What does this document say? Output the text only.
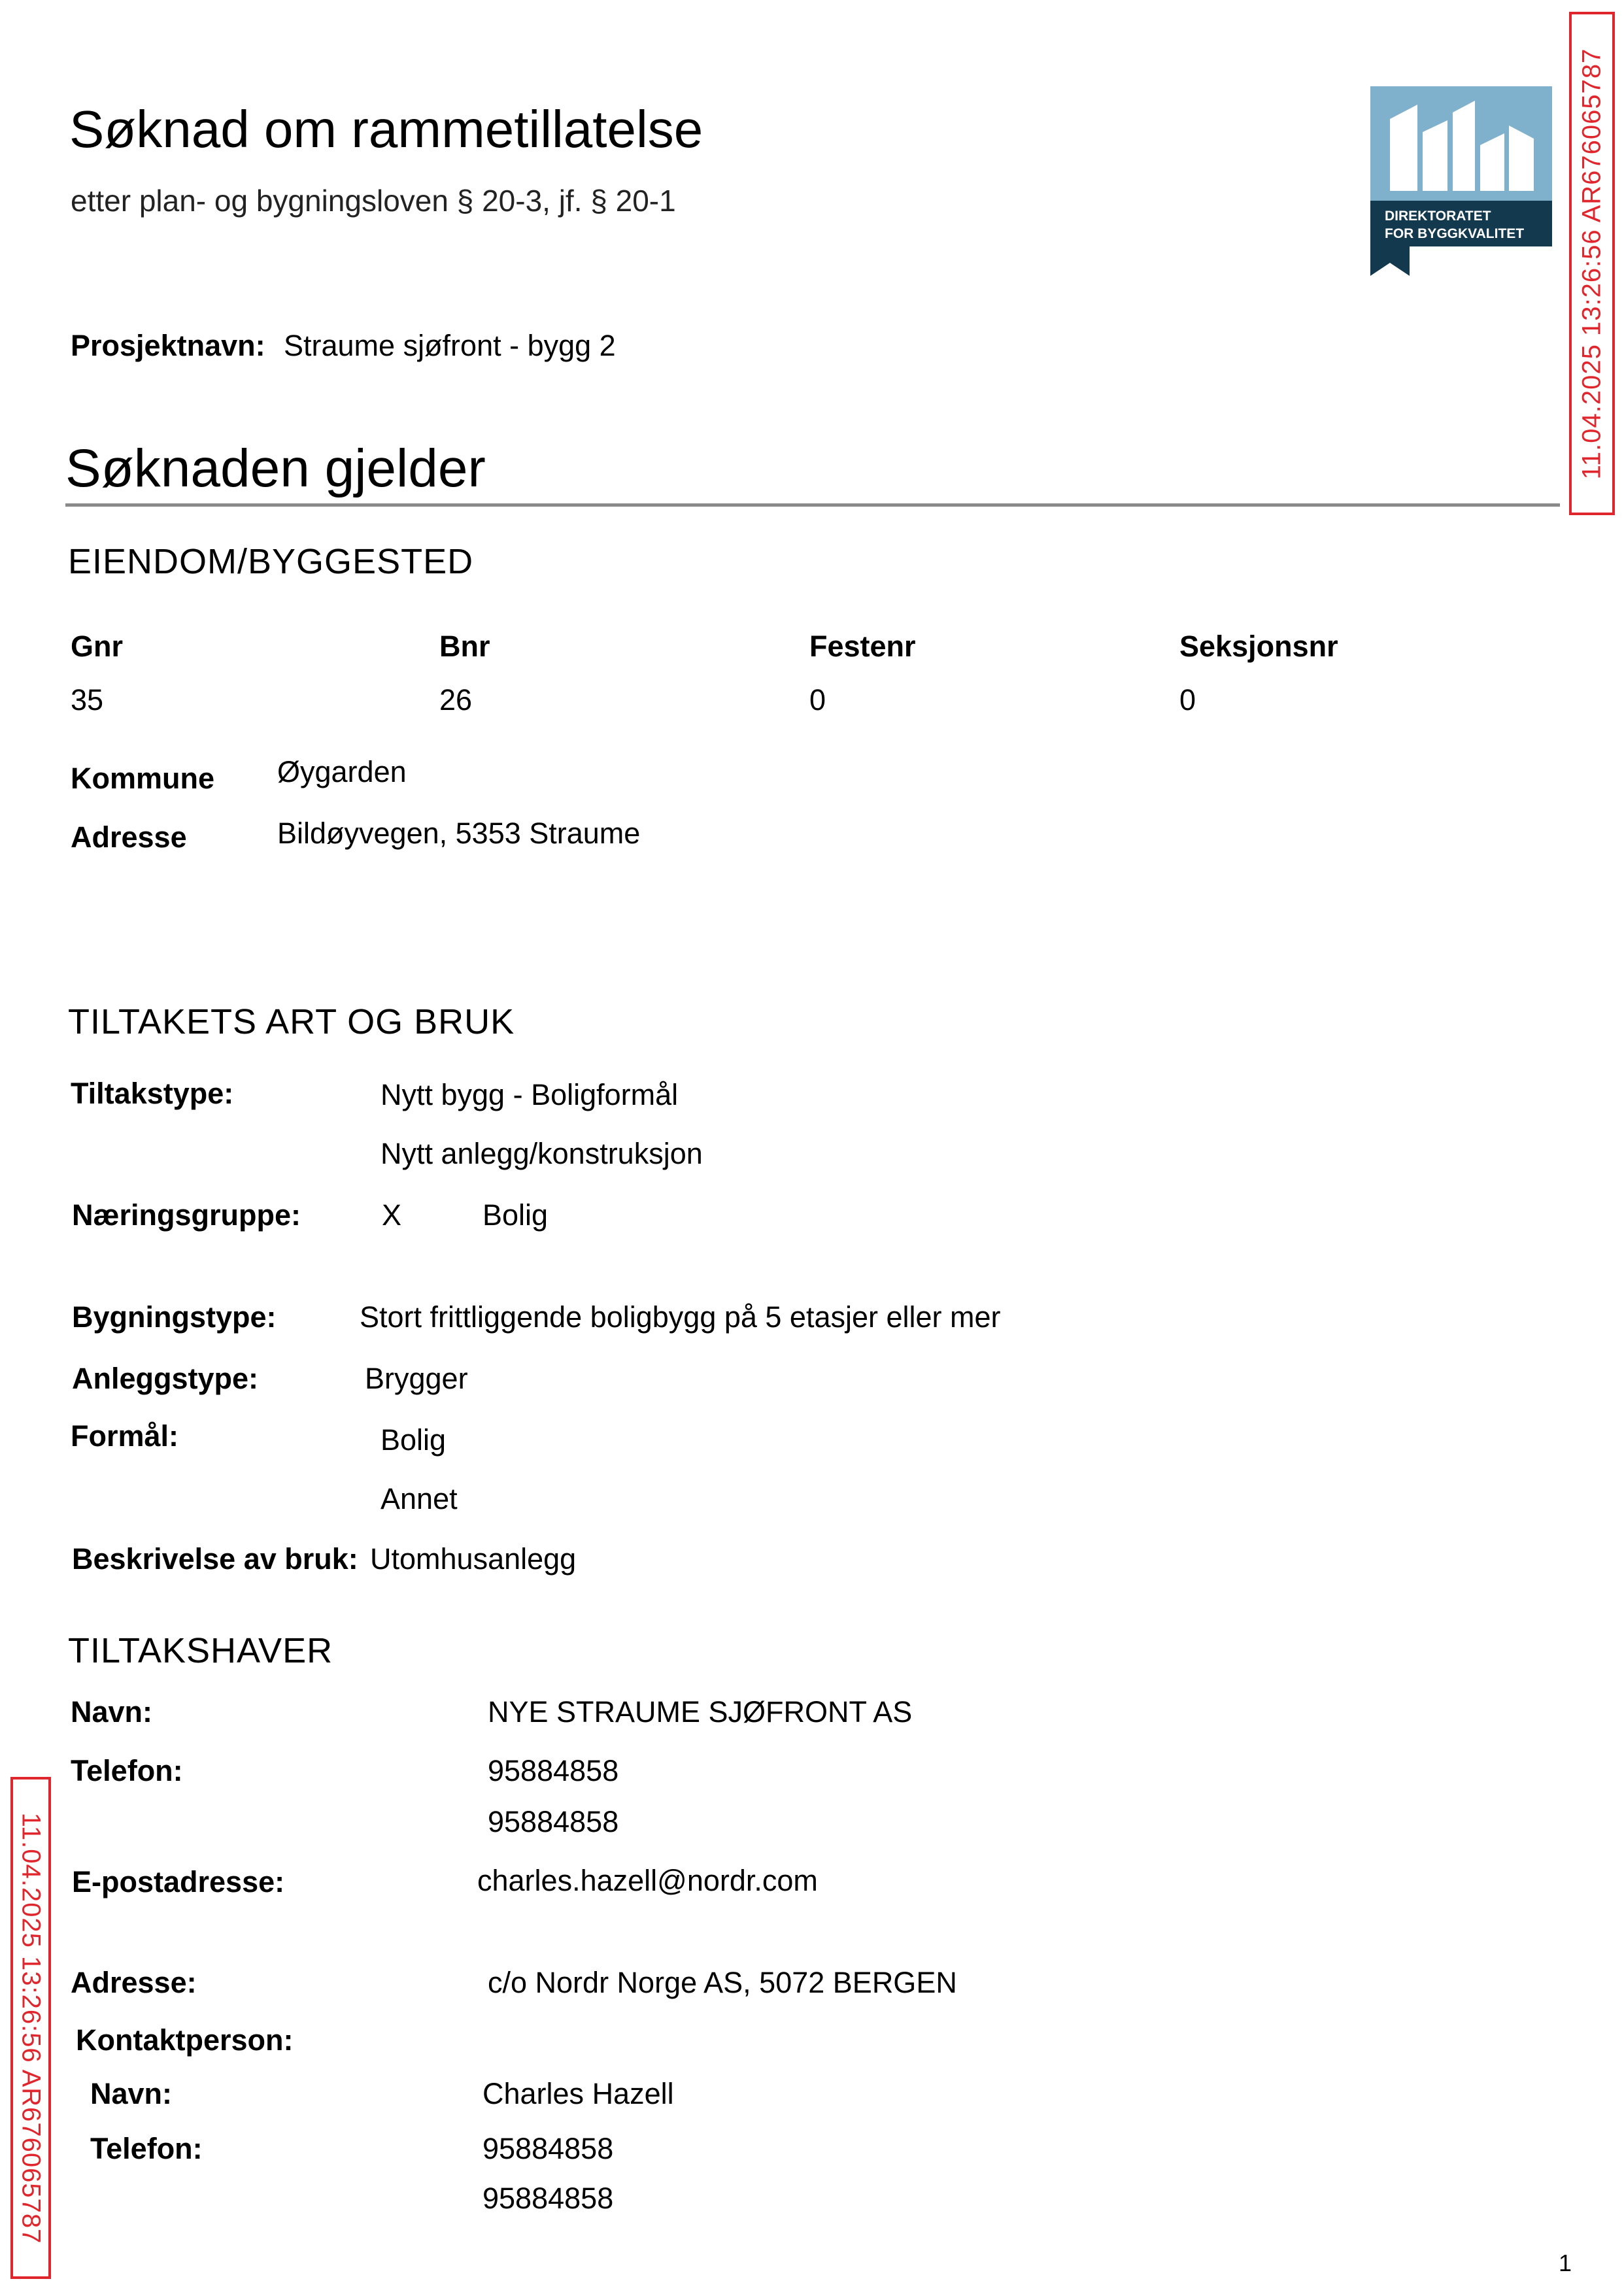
Søknad om rammetillatelse
etter plan- og bygningsloven § 20-3, jf. § 20-1
Prosjektnavn: Straume sjøfront - bygg 2
DIREKTORATET
FOR BYGGKVALITET 11.04.2025 13:26:56 AR676065787
Søknaden gjelder
EIENDOM/BYGGESTED
Gnr	Bnr	Festenr	Seksjonsnr
35	26	0	0
Kommune Øygarden
Adresse	Bildøyvegen, 5353 Straume
TILTAKETS ART OG BRUK
Tiltakstype:	Nytt bygg - Boligformål
Nytt anlegg/konstruksjon
Næringsgruppe:	X	Bolig
Bygningstype:	Stort frittliggende boligbygg på 5 etasjer eller mer
Anleggstype:	Brygger
Formål:	Bolig
Annet
Beskrivelse av bruk: Utomhusanlegg
TILTAKSHAVER
Navn:	NYE STRAUME SJØFRONT AS
Telefon:	95884858
95884858
E-postadresse:	charles.hazell@nordr.com
Adresse:	c/o Nordr Norge AS, 5072 BERGEN
Kontaktperson:
Navn:	Charles Hazell
Telefon:	95884858
95884858
11.04.2025 13:26:56 AR676065787
1
